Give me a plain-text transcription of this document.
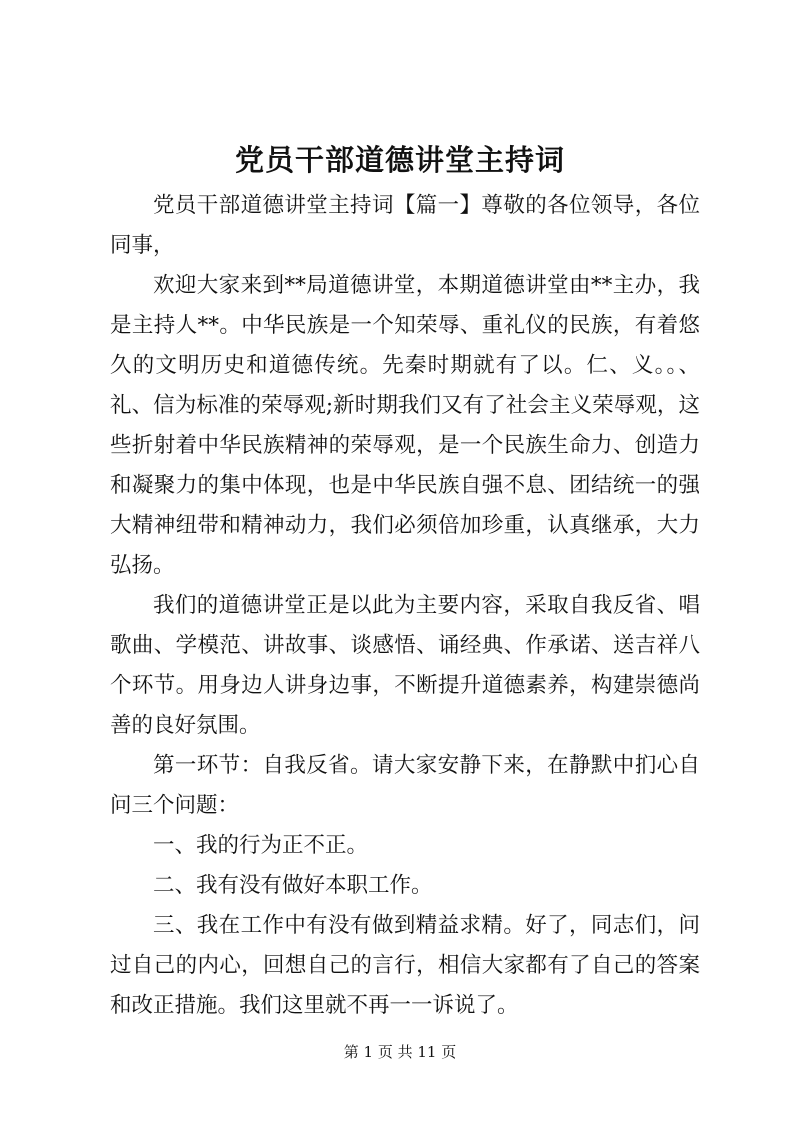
党员干部道德讲堂主持词

党员干部道德讲堂主持词【篇一】尊敬的各位领导，各位同事，

欢迎大家来到**局道德讲堂，本期道德讲堂由**主办，我是主持人**。中华民族是一个知荣辱、重礼仪的民族，有着悠久的文明历史和道德传统。先秦时期就有了以。仁、义。。、礼、信为标准的荣辱观;新时期我们又有了社会主义荣辱观，这些折射着中华民族精神的荣辱观，是一个民族生命力、创造力和凝聚力的集中体现，也是中华民族自强不息、团结统一的强大精神纽带和精神动力，我们必须倍加珍重，认真继承，大力弘扬。

我们的道德讲堂正是以此为主要内容，采取自我反省、唱歌曲、学模范、讲故事、谈感悟、诵经典、作承诺、送吉祥八个环节。用身边人讲身边事，不断提升道德素养，构建崇德尚善的良好氛围。

第一环节：自我反省。请大家安静下来，在静默中扪心自问三个问题：

一、我的行为正不正。

二、我有没有做好本职工作。

三、我在工作中有没有做到精益求精。好了，同志们，问过自己的内心，回想自己的言行，相信大家都有了自己的答案和改正措施。我们这里就不再一一诉说了。

第 1 页 共 11 页
